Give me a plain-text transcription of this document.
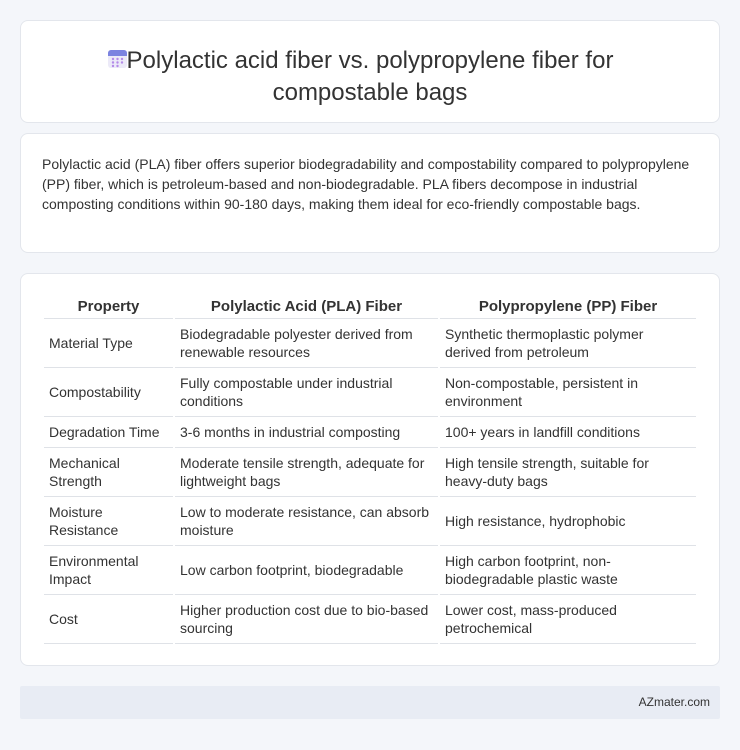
Polylactic acid fiber vs. polypropylene fiber for
compostable bags

Polylactic acid (PLA) fiber offers superior biodegradability and compostability compared to polypropylene (PP) fiber, which is petroleum-based and non-biodegradable. PLA fibers decompose in industrial composting conditions within 90-180 days, making them ideal for eco-friendly compostable bags.

Property	Polylactic Acid (PLA) Fiber	Polypropylene (PP) Fiber
Material Type	Biodegradable polyester derived from renewable resources	Synthetic thermoplastic polymer derived from petroleum
Compostability	Fully compostable under industrial conditions	Non-compostable, persistent in environment
Degradation Time	3-6 months in industrial composting	100+ years in landfill conditions
Mechanical Strength	Moderate tensile strength, adequate for lightweight bags	High tensile strength, suitable for heavy-duty bags
Moisture Resistance	Low to moderate resistance, can absorb moisture	High resistance, hydrophobic
Environmental Impact	Low carbon footprint, biodegradable	High carbon footprint, non-biodegradable plastic waste
Cost	Higher production cost due to bio-based sourcing	Lower cost, mass-produced petrochemical
AZmater.com
